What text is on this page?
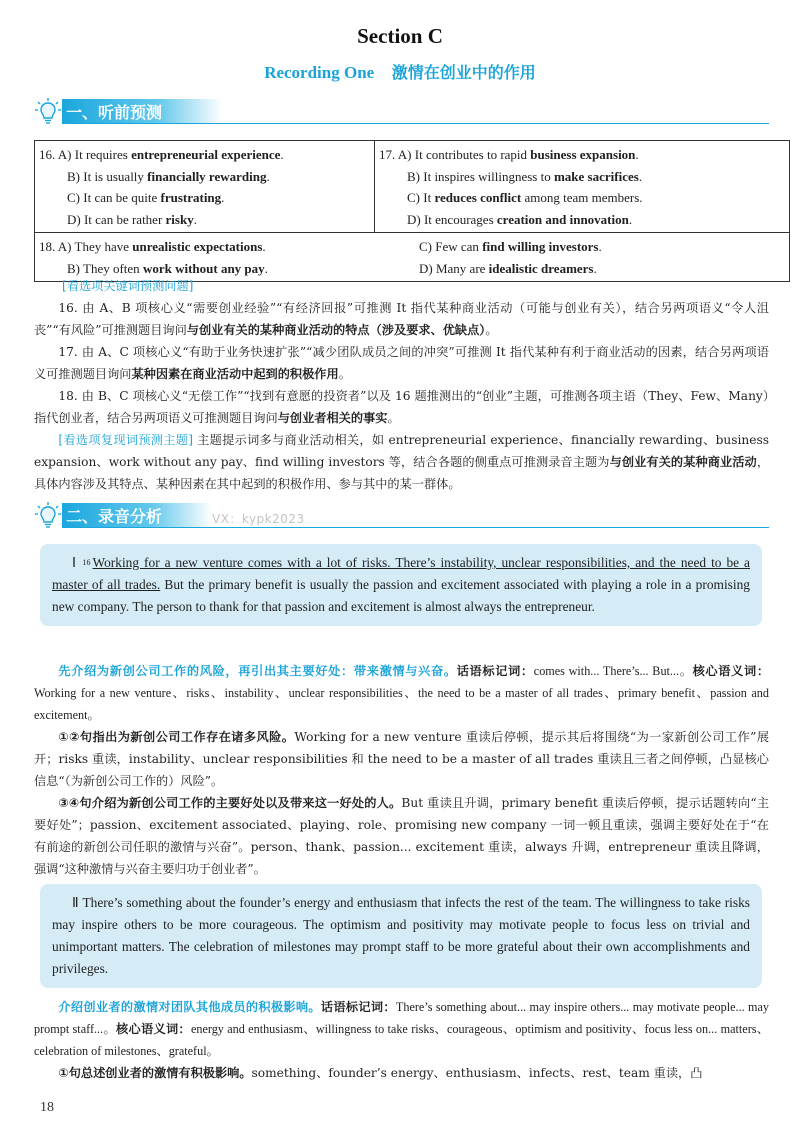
Section C
Recording One 激情在创业中的作用
一、听前预测
16. A) It requires entrepreneurial experience.
B) It is usually financially rewarding.
C) It can be quite frustrating.
D) It can be rather risky.

17. A) It contributes to rapid business expansion.
B) It inspires willingness to make sacrifices.
C) It reduces conflict among team members.
D) It encourages creation and innovation.

18. A) They have unrealistic expectations.
B) They often work without any pay.
C) Few can find willing investors.
D) Many are idealistic dreamers.
[看选项关键词预测问题]
16. 由 A、B 项核心义“需要创业经验”“有经济回报”可推测 It 指代某种商业活动（可能与创业有关），结合另两项语义“令人沮丧”“有风险”可推测题目询问与创业有关的某种商业活动的特点（涉及要求、优缺点）。
17. 由 A、C 项核心义“有助于业务快速扩张”“减少团队成员之间的冲突”可推测 It 指代某种有利于商业活动的因素，结合另两项语义可推测题目询问某种因素在商业活动中起到的积极作用。
18. 由 B、C 项核心义“无偿工作”“找到有意愿的投资者”以及 16 题推测出的“创业”主题，可推测各项主语（They、Few、Many）指代创业者，结合另两项语义可推测题目询问与创业者相关的事实。
[看选项复现词预测主题] 主题提示词多与商业活动相关，如 entrepreneurial experience、financially rewarding、business expansion、work without any pay、find willing investors 等，结合各题的侧重点可推测录音主题为与创业有关的某种商业活动，具体内容涉及其特点、某种因素在其中起到的积极作用、参与其中的某一群体。
二、录音分析	VX：kypk2023
Ⅰ $^{16}$ Working for a new venture comes with a lot of risks. There’s instability, unclear responsibilities, and the need to be a master of all trades. But the primary benefit is usually the passion and excitement associated with playing a role in a promising new company. The person to thank for that passion and excitement is almost always the entrepreneur.
先介绍为新创公司工作的风险，再引出其主要好处：带来激情与兴奋。话语标记词：comes with... There’s... But...。核心语义词：Working for a new venture、risks、instability、unclear responsibilities、the need to be a master of all trades、primary benefit、passion and excitement。
①②句指出为新创公司工作存在诸多风险。Working for a new venture 重读后停顿，提示其后将围绕“为一家新创公司工作”展开；risks 重读，instability、unclear responsibilities 和 the need to be a master of all trades 重读且三者之间停顿，凸显核心信息“（为新创公司工作的）风险”。
③④句介绍为新创公司工作的主要好处以及带来这一好处的人。But 重读且升调，primary benefit 重读后停顿，提示话题转向“主要好处”；passion、excitement associated、playing、role、promising new company 一词一顿且重读，强调主要好处在于“在有前途的新创公司任职的激情与兴奋”。person、thank、passion... excitement 重读，always 升调，entrepreneur 重读且降调，强调“这种激情与兴奋主要归功于创业者”。
Ⅱ There’s something about the founder’s energy and enthusiasm that infects the rest of the team. The willingness to take risks may inspire others to be more courageous. The optimism and positivity may motivate people to focus less on trivial and unimportant matters. The celebration of milestones may prompt staff to be more grateful about their own accomplishments and privileges.
介绍创业者的激情对团队其他成员的积极影响。话语标记词：There’s something about... may inspire others... may motivate people... may prompt staff...。核心语义词：energy and enthusiasm、willingness to take risks、courageous、optimism and positivity、focus less on... matters、celebration of milestones、grateful。
①句总述创业者的激情有积极影响。something、founder’s energy、enthusiasm、infects、rest、team 重读，凸
18
